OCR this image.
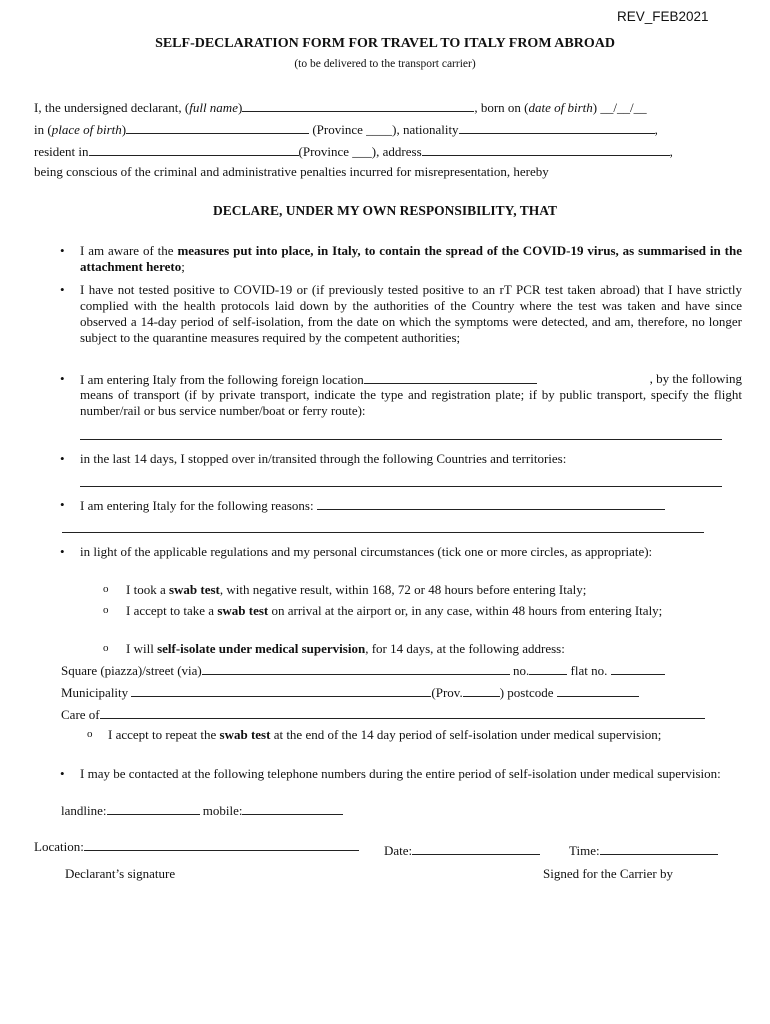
REV_FEB2021
SELF-DECLARATION FORM FOR TRAVEL TO ITALY FROM ABROAD
(to be delivered to the transport carrier)
I, the undersigned declarant, (full name)	, born on (date of birth) __/__/__
in (place of birth)	(Province ____), nationality	,
resident in	(Province ___), address	,
being conscious of the criminal and administrative penalties incurred for misrepresentation, hereby
DECLARE, UNDER MY OWN RESPONSIBILITY, THAT
• I am aware of the measures put into place, in Italy, to contain the spread of the COVID-19 virus, as summarised in the attachment hereto;
• I have not tested positive to COVID-19 or (if previously tested positive to an rT PCR test taken abroad) that I have strictly complied with the health protocols laid down by the authorities of the Country where the test was taken and have since observed a 14-day period of self-isolation, from the date on which the symptoms were detected, and am, therefore, no longer subject to the quarantine measures required by the competent authorities;
• I am entering Italy from the following foreign location	, by the following
means of transport (if by private transport, indicate the type and registration plate; if by public transport, specify the flight number/rail or bus service number/boat or ferry route):
• in the last 14 days, I stopped over in/transited through the following Countries and territories:
• I am entering Italy for the following reasons:
• in light of the applicable regulations and my personal circumstances (tick one or more circles, as appropriate):
o I took a swab test, with negative result, within 168, 72 or 48 hours before entering Italy;
o I accept to take a swab test on arrival at the airport or, in any case, within 48 hours from entering Italy;
o I will self-isolate under medical supervision, for 14 days, at the following address:
Square (piazza)/street (via)	no.	flat no.
Municipality	(Prov.	) postcode
Care of
o I accept to repeat the swab test at the end of the 14 day period of self-isolation under medical supervision;
• I may be contacted at the following telephone numbers during the entire period of self-isolation under medical supervision:
landline:	mobile:
Location:	Date:	Time:
Declarant’s signature	Signed for the Carrier by
